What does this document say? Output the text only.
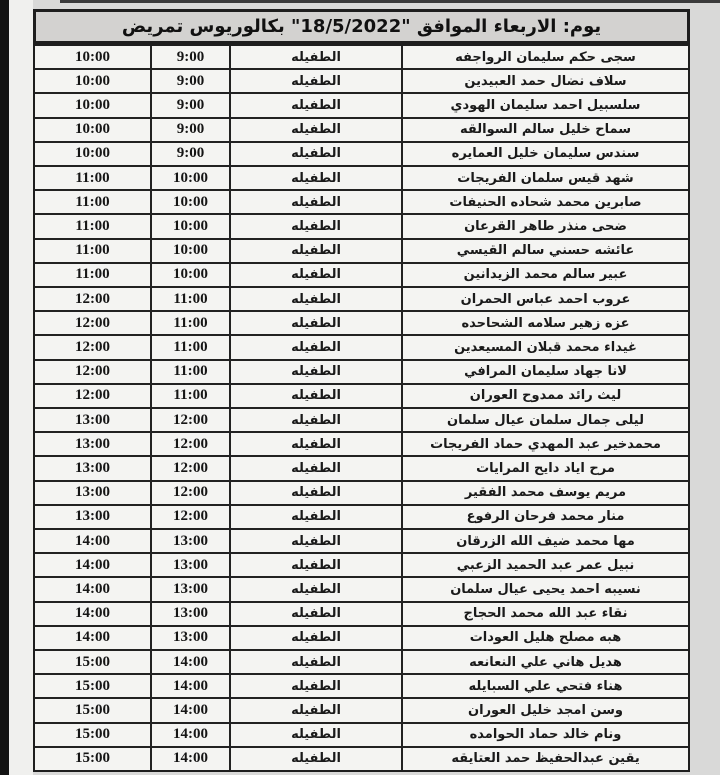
يوم: الاربعاء الموافق "18/5/2022" بكالوريوس تمريض
10:00	9:00	الطفيله	سجى حكم سليمان الرواجفه
10:00	9:00	الطفيله	سلاف نضال حمد العبيدين
10:00	9:00	الطفيله	سلسبيل احمد سليمان الهودي
10:00	9:00	الطفيله	سماح خليل سالم السوالقه
10:00	9:00	الطفيله	سندس سليمان خليل العمايره
11:00	10:00	الطفيله	شهد قيس سلمان الفريجات
11:00	10:00	الطفيله	صابرين محمد شحاده الحنيفات
11:00	10:00	الطفيله	ضحى منذر طاهر القرعان
11:00	10:00	الطفيله	عائشه حسني سالم القيسي
11:00	10:00	الطفيله	عبير سالم محمد الزيدانين
12:00	11:00	الطفيله	عروب احمد عباس الحمران
12:00	11:00	الطفيله	عزه زهير سلامه الشحاحده
12:00	11:00	الطفيله	غيداء محمد قبلان المسيعدين
12:00	11:00	الطفيله	لانا جهاد سليمان المرافي
12:00	11:00	الطفيله	ليث رائد ممدوح العوران
13:00	12:00	الطفيله	ليلى جمال سلمان عيال سلمان
13:00	12:00	الطفيله	محمدخير عبد المهدي حماد الفريجات
13:00	12:00	الطفيله	مرح اياد دايح المرايات
13:00	12:00	الطفيله	مريم يوسف محمد الفقير
13:00	12:00	الطفيله	منار محمد فرحان الرفوع
14:00	13:00	الطفيله	مها محمد ضيف الله الزرقان
14:00	13:00	الطفيله	نبيل عمر عبد الحميد الزعبي
14:00	13:00	الطفيله	نسيبه احمد يحيى عيال سلمان
14:00	13:00	الطفيله	نقاء عبد الله محمد الحجاج
14:00	13:00	الطفيله	هبه مصلح هليل العودات
15:00	14:00	الطفيله	هديل هاني علي النعانعه
15:00	14:00	الطفيله	هناء فتحي علي السبايله
15:00	14:00	الطفيله	وسن امجد خليل العوران
15:00	14:00	الطفيله	ونام خالد حماد الحوامده
15:00	14:00	الطفيله	يقين عبدالحفيظ حمد العتايقه
